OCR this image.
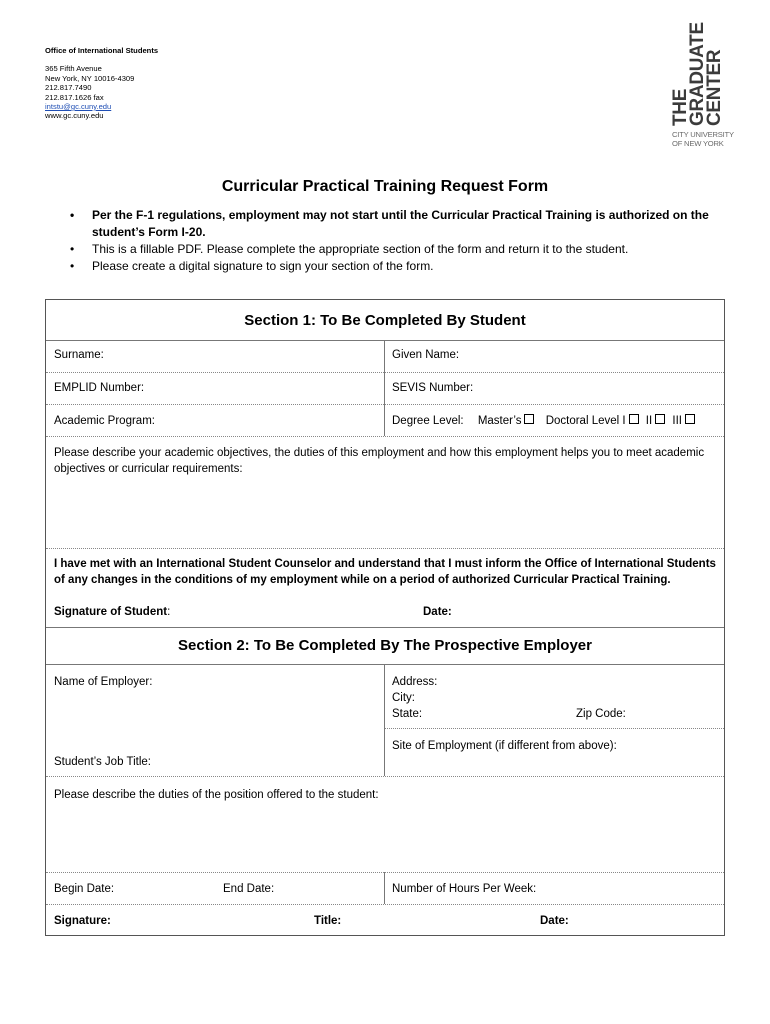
Office of International Students
365 Fifth Avenue
New York, NY 10016-4309
212.817.7490
212.817.1626 fax
intstu@gc.cuny.edu
www.gc.cuny.edu	THE
GRADUATE
CENTER
CITY UNIVERSITY
OF NEW YORK
Curricular Practical Training Request Form
• Per the F-1 regulations, employment may not start until the Curricular Practical Training is authorized on the student’s Form I-20.
• This is a fillable PDF. Please complete the appropriate section of the form and return it to the student.
• Please create a digital signature to sign your section of the form.
Section 1: To Be Completed By Student
Surname:	Given Name:
EMPLID Number:	SEVIS Number:
Academic Program:	Degree Level: Master’s Doctoral Level I II III
Please describe your academic objectives, the duties of this employment and how this employment helps you to meet academic objectives or curricular requirements:
I have met with an International Student Counselor and understand that I must inform the Office of International Students of any changes in the conditions of my employment while on a period of authorized Curricular Practical Training.
Signature of Student:	Date:
Section 2: To Be Completed By The Prospective Employer
Name of Employer:	Address:
City:
State:	Zip Code:
Site of Employment (if different from above):
Student’s Job Title:
Please describe the duties of the position offered to the student:
Begin Date:	End Date:	Number of Hours Per Week:
Signature:	Title:	Date:
